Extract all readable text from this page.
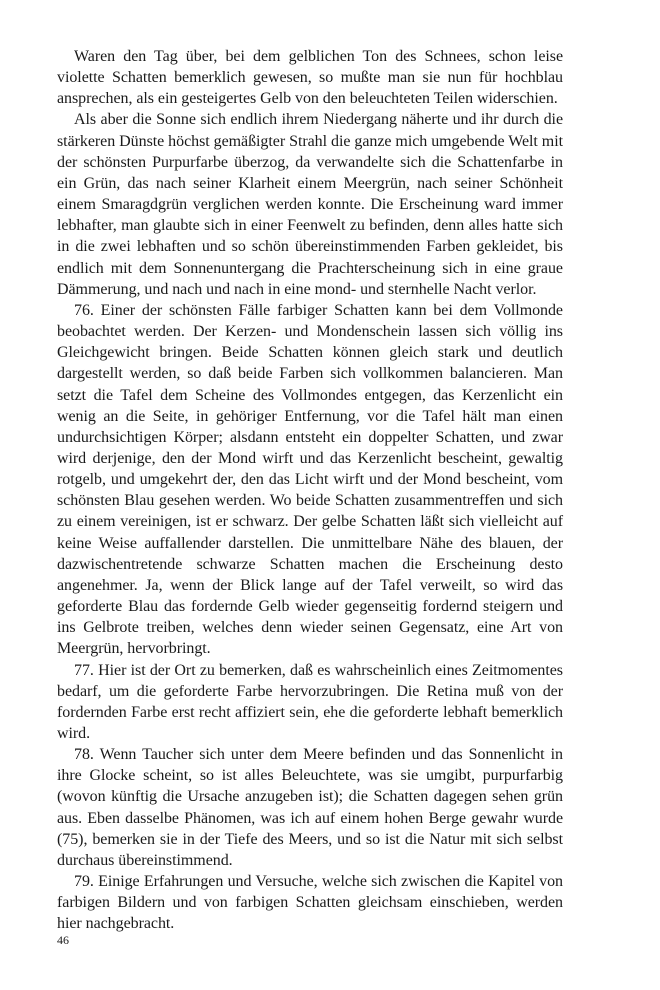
Waren den Tag über, bei dem gelblichen Ton des Schnees, schon leise violette Schatten bemerklich gewesen, so mußte man sie nun für hochblau ansprechen, als ein gesteigertes Gelb von den beleuchteten Teilen widerschien.

Als aber die Sonne sich endlich ihrem Niedergang näherte und ihr durch die stärkeren Dünste höchst gemäßigter Strahl die ganze mich umgebende Welt mit der schönsten Purpurfarbe überzog, da verwandelte sich die Schattenfarbe in ein Grün, das nach seiner Klarheit einem Meergrün, nach seiner Schönheit einem Smaragdgrün verglichen werden konnte. Die Erscheinung ward immer lebhafter, man glaubte sich in einer Feenwelt zu befinden, denn alles hatte sich in die zwei lebhaften und so schön übereinstimmenden Farben gekleidet, bis endlich mit dem Sonnenuntergang die Prachterscheinung sich in eine graue Dämmerung, und nach und nach in eine mond- und sternhelle Nacht verlor.

76. Einer der schönsten Fälle farbiger Schatten kann bei dem Vollmonde beobachtet werden. Der Kerzen- und Mondenschein lassen sich völlig ins Gleichgewicht bringen. Beide Schatten können gleich stark und deutlich dargestellt werden, so daß beide Farben sich vollkommen balancieren. Man setzt die Tafel dem Scheine des Vollmondes entgegen, das Kerzenlicht ein wenig an die Seite, in gehöriger Entfernung, vor die Tafel hält man einen undurchsichtigen Körper; alsdann entsteht ein doppelter Schatten, und zwar wird derjenige, den der Mond wirft und das Kerzenlicht bescheint, gewaltig rotgelb, und umgekehrt der, den das Licht wirft und der Mond bescheint, vom schönsten Blau gesehen werden. Wo beide Schatten zusammentreffen und sich zu einem vereinigen, ist er schwarz. Der gelbe Schatten läßt sich vielleicht auf keine Weise auffallender darstellen. Die unmittelbare Nähe des blauen, der dazwischentretende schwarze Schatten machen die Erscheinung desto angenehmer. Ja, wenn der Blick lange auf der Tafel verweilt, so wird das geforderte Blau das fordernde Gelb wieder gegenseitig fordernd steigern und ins Gelbrote treiben, welches denn wieder seinen Gegensatz, eine Art von Meergrün, hervorbringt.

77. Hier ist der Ort zu bemerken, daß es wahrscheinlich eines Zeitmomentes bedarf, um die geforderte Farbe hervorzubringen. Die Retina muß von der fordernden Farbe erst recht affiziert sein, ehe die geforderte lebhaft bemerklich wird.

78. Wenn Taucher sich unter dem Meere befinden und das Sonnenlicht in ihre Glocke scheint, so ist alles Beleuchtete, was sie umgibt, purpurfarbig (wovon künftig die Ursache anzugeben ist); die Schatten dagegen sehen grün aus. Eben dasselbe Phänomen, was ich auf einem hohen Berge gewahr wurde (75), bemerken sie in der Tiefe des Meers, und so ist die Natur mit sich selbst durchaus übereinstimmend.

79. Einige Erfahrungen und Versuche, welche sich zwischen die Kapitel von farbigen Bildern und von farbigen Schatten gleichsam einschieben, werden hier nachgebracht.

46
